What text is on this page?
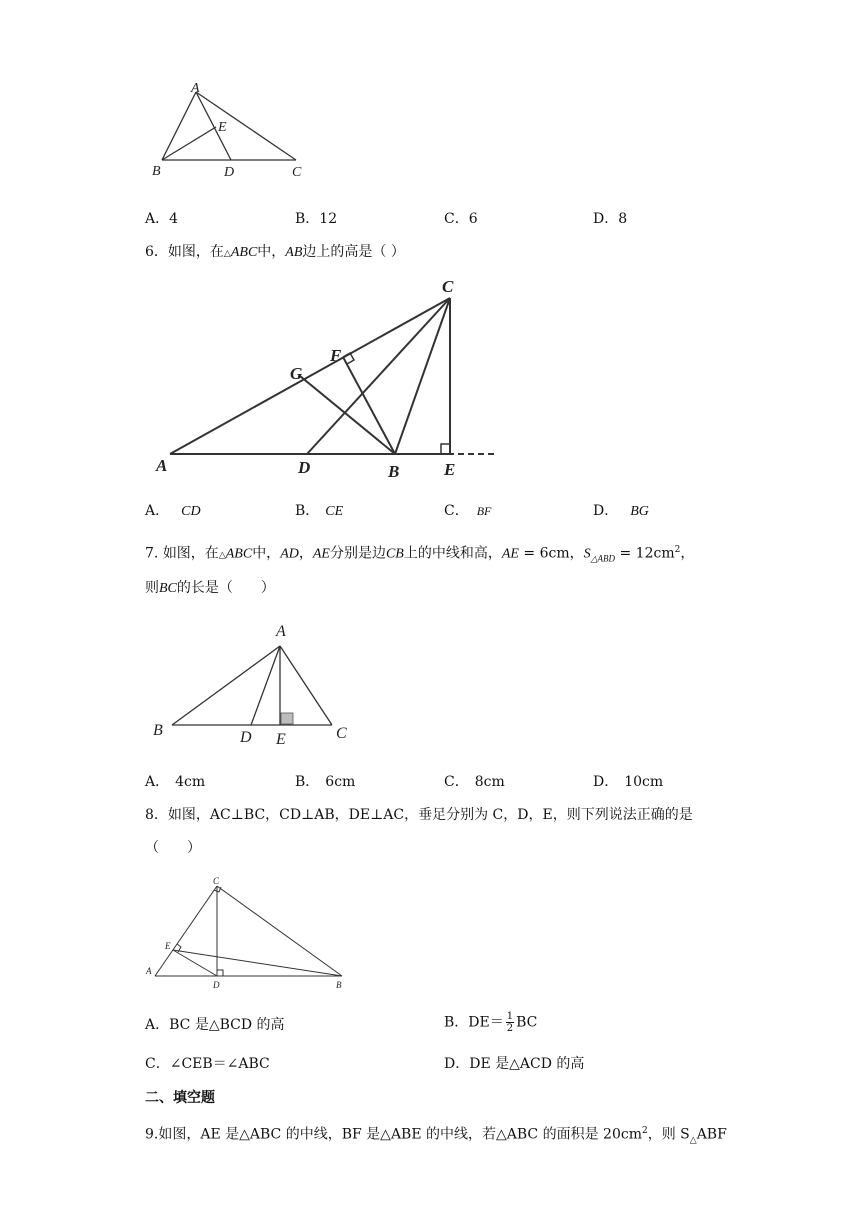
A
E
B	D	C
A．4	B．12	C．6	D．8
6．如图，在△ABC中，AB边上的高是（ ）
C
F
G
A	D	B	E
A． CD	B． CE	C． BF	D． BG
7. 如图，在△ABC中，AD，AE分别是边CB上的中线和高，AE = 6cm，$S_{\triangle ABD} = 12cm^2$，
则BC的长是（　　）
A
B	D E	C
A． 4cm	B． 6cm	C． 8cm	D． 10cm
8．如图，AC⊥BC，CD⊥AB，DE⊥AC，垂足分别为 C，D，E，则下列说法正确的是
（　　）
C
E
A
D	B
A．BC 是△BCD 的高	B．$DE= \frac{1}{2}$ BC
C．∠CEB＝∠ABC	D．DE 是△ACD 的高
二、填空题
9.如图，AE 是△ABC 的中线，BF 是△ABE 的中线，若△ABC 的面积是 $20cm^2$，则 $S_\triangle ABF$
